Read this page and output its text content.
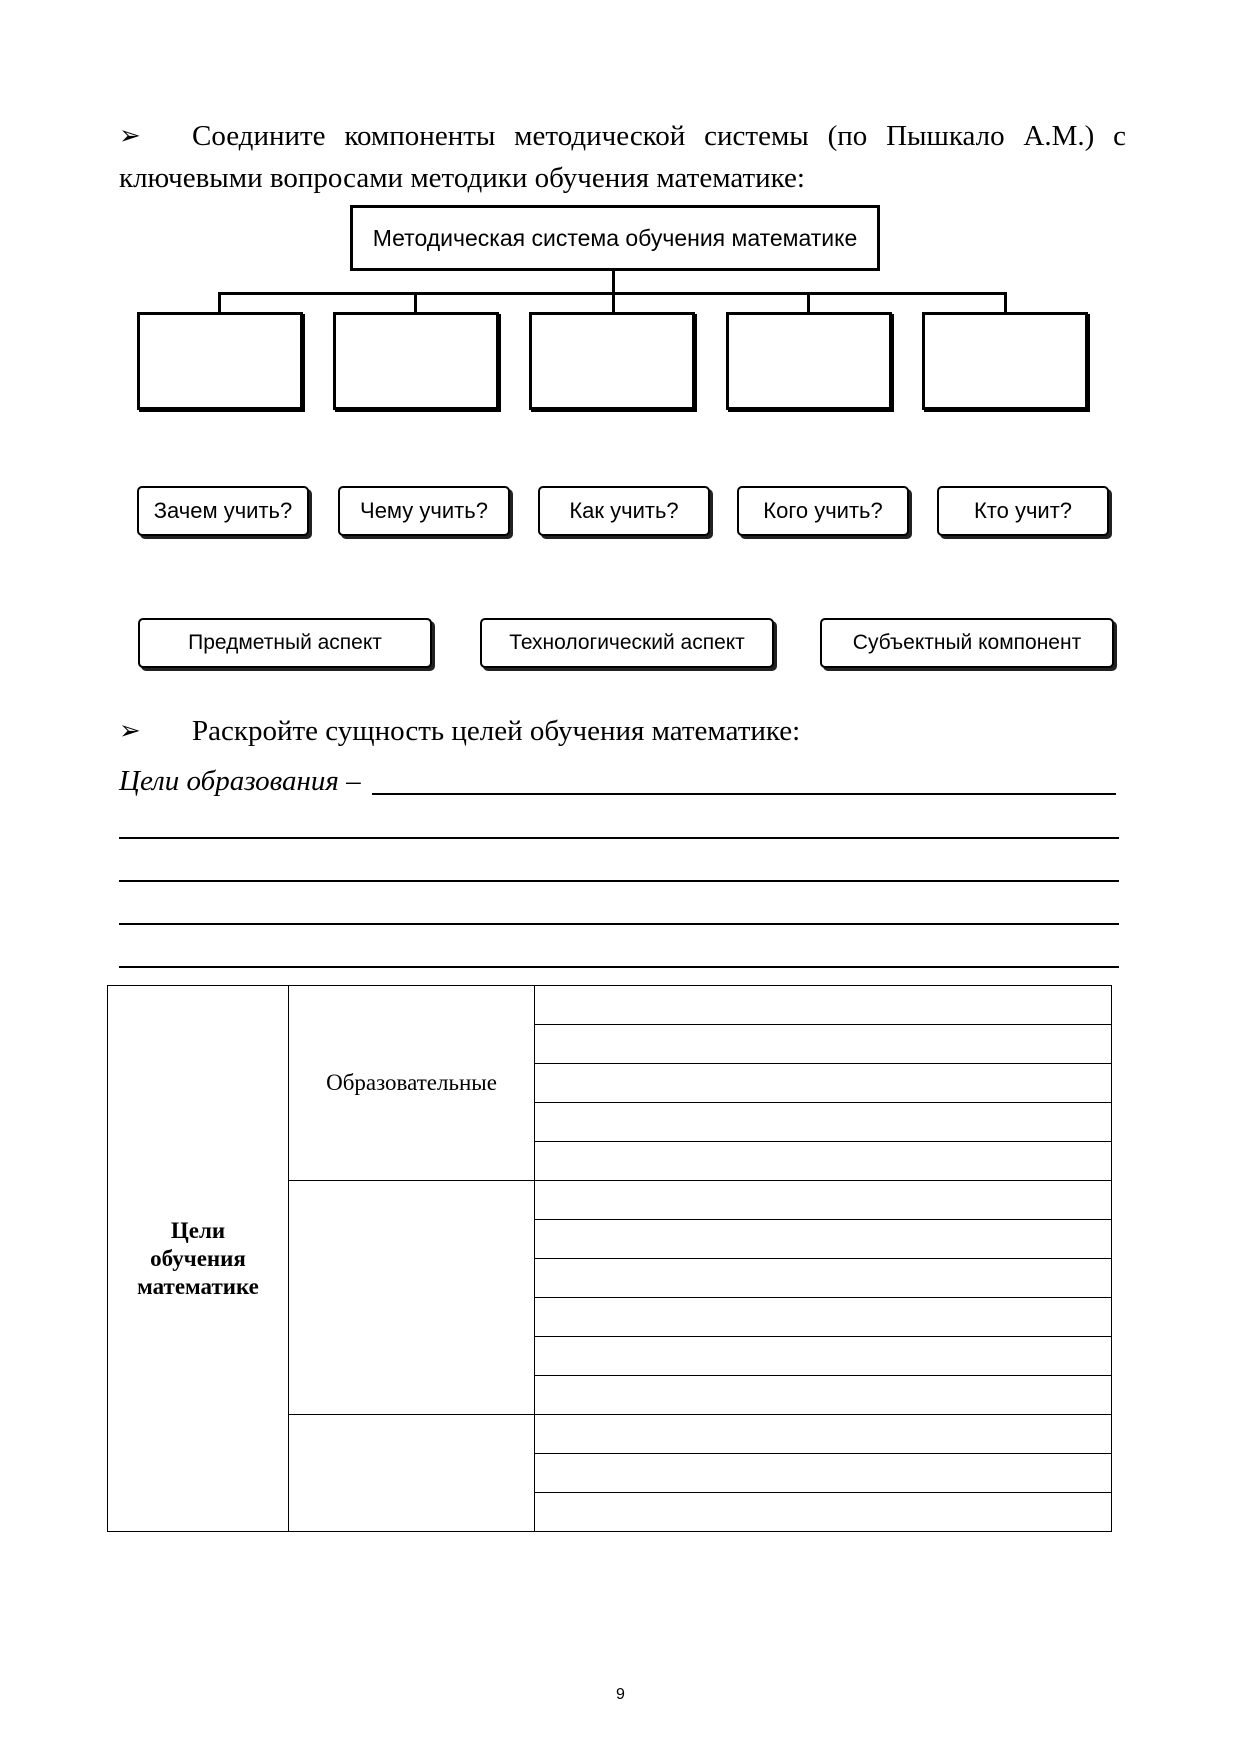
➢ Соедините компоненты методической системы (по Пышкало А.М.) с
ключевыми вопросами методики обучения математике:
Методическая система обучения математике
Зачем учить?	Чему учить?	Как учить?	Кого учить?	Кто учит?
Предметный аспект	Технологический аспект	Субъектный компонент
➢ Раскройте сущность целей обучения математике:
Цели образования –
Цели
обучения
математике	Образовательные	

9
